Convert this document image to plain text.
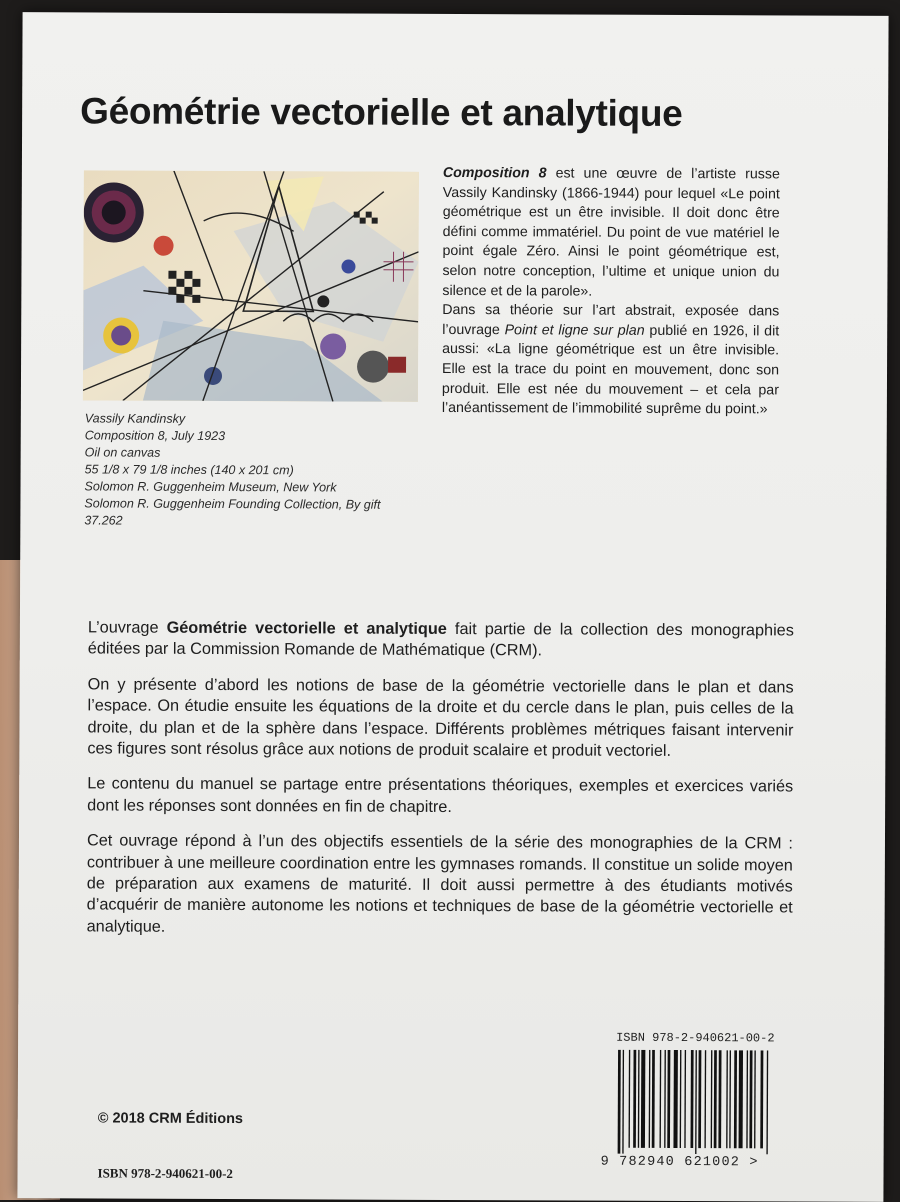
Géométrie vectorielle et analytique
Vassily Kandinsky
Composition 8, July 1923
Oil on canvas
55 1/8 x 79 1/8 inches (140 x 201 cm)
Solomon R. Guggenheim Museum, New York
Solomon R. Guggenheim Founding Collection, By gift
37.262

Composition 8 est une œuvre de l’artiste russe Vassily Kandinsky (1866-1944) pour lequel «Le point géométrique est un être invisible. Il doit donc être défini comme immatériel. Du point de vue matériel le point égale Zéro. Ainsi le point géométrique est, selon notre conception, l’ultime et unique union du silence et de la parole».

Dans sa théorie sur l’art abstrait, exposée dans l’ouvrage Point et ligne sur plan publié en 1926, il dit aussi: «La ligne géométrique est un être invisible. Elle est la trace du point en mouvement, donc son produit. Elle est née du mouvement – et cela par l’anéantissement de l’immobilité suprême du point.»

L’ouvrage Géométrie vectorielle et analytique fait partie de la collection des monographies éditées par la Commission Romande de Mathématique (CRM).

On y présente d’abord les notions de base de la géométrie vectorielle dans le plan et dans l’espace. On étudie ensuite les équations de la droite et du cercle dans le plan, puis celles de la droite, du plan et de la sphère dans l’espace. Différents problèmes métriques faisant intervenir ces figures sont résolus grâce aux notions de produit scalaire et produit vectoriel.

Le contenu du manuel se partage entre présentations théoriques, exemples et exercices variés dont les réponses sont données en fin de chapitre.

Cet ouvrage répond à l’un des objectifs essentiels de la série des monographies de la CRM : contribuer à une meilleure coordination entre les gymnases romands. Il constitue un solide moyen de préparation aux examens de maturité. Il doit aussi permettre à des étudiants motivés d’acquérir de manière autonome les notions et techniques de base de la géométrie vectorielle et analytique.

ISBN 978-2-940621-00-2
9 782940 621002 >
© 2018 CRM Éditions
ISBN 978-2-940621-00-2
